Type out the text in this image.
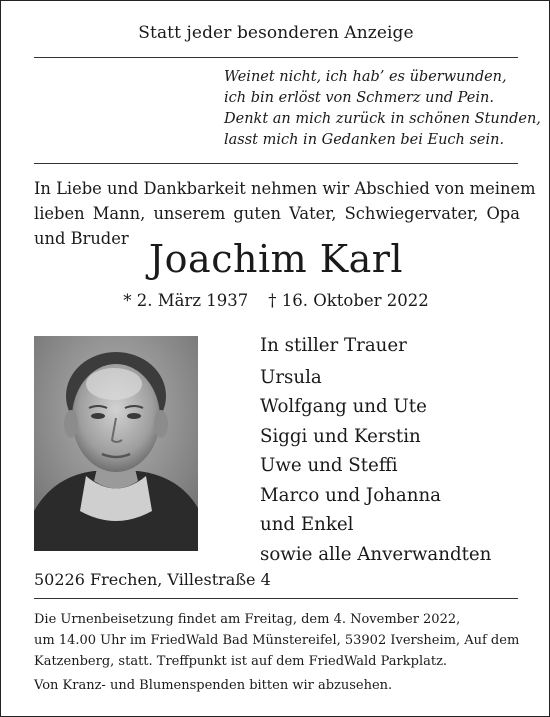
Statt jeder besonderen Anzeige
Weinet nicht, ich hab’ es überwunden,
ich bin erlöst von Schmerz und Pein.
Denkt an mich zurück in schönen Stunden,
lasst mich in Gedanken bei Euch sein.
In Liebe und Dankbarkeit nehmen wir Abschied von meinem
lieben Mann, unserem guten Vater, Schwiegervater, Opa
und Bruder Joachim Karl
* 2. März 1937 † 16. Oktober 2022
In stiller Trauer
Ursula
Wolfgang und Ute
Siggi und Kerstin
Uwe und Steffi
Marco und Johanna
und Enkel
sowie alle Anverwandten
50226 Frechen, Villestraße 4
Die Urnenbeisetzung findet am Freitag, dem 4. November 2022,
um 14.00 Uhr im FriedWald Bad Münstereifel, 53902 Iversheim, Auf dem
Katzenberg, statt. Treffpunkt ist auf dem FriedWald Parkplatz.
Von Kranz- und Blumenspenden bitten wir abzusehen.
